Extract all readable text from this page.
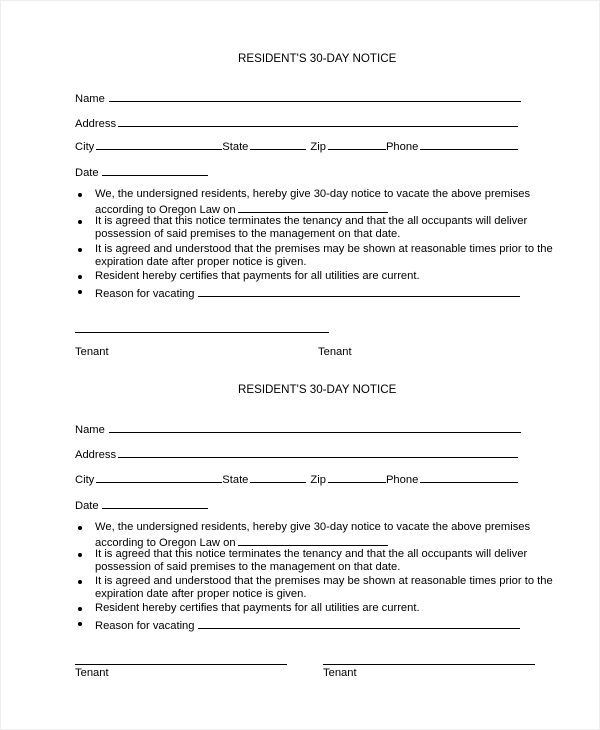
RESIDENT'S 30-DAY NOTICE
Name
Address
City	State	Zip	Phone
Date
We, the undersigned residents, hereby give 30-day notice to vacate the above premises
according to Oregon Law on
It is agreed that this notice terminates the tenancy and that the all occupants will deliver
possession of said premises to the management on that date.
It is agreed and understood that the premises may be shown at reasonable times prior to the
expiration date after proper notice is given.
Resident hereby certifies that payments for all utilities are current.
Reason for vacating
Tenant	Tenant
RESIDENT'S 30-DAY NOTICE
Name
Address
City	State	Zip	Phone
Date
We, the undersigned residents, hereby give 30-day notice to vacate the above premises
according to Oregon Law on
It is agreed that this notice terminates the tenancy and that the all occupants will deliver
possession of said premises to the management on that date.
It is agreed and understood that the premises may be shown at reasonable times prior to the
expiration date after proper notice is given.
Resident hereby certifies that payments for all utilities are current.
Reason for vacating
Tenant	Tenant
